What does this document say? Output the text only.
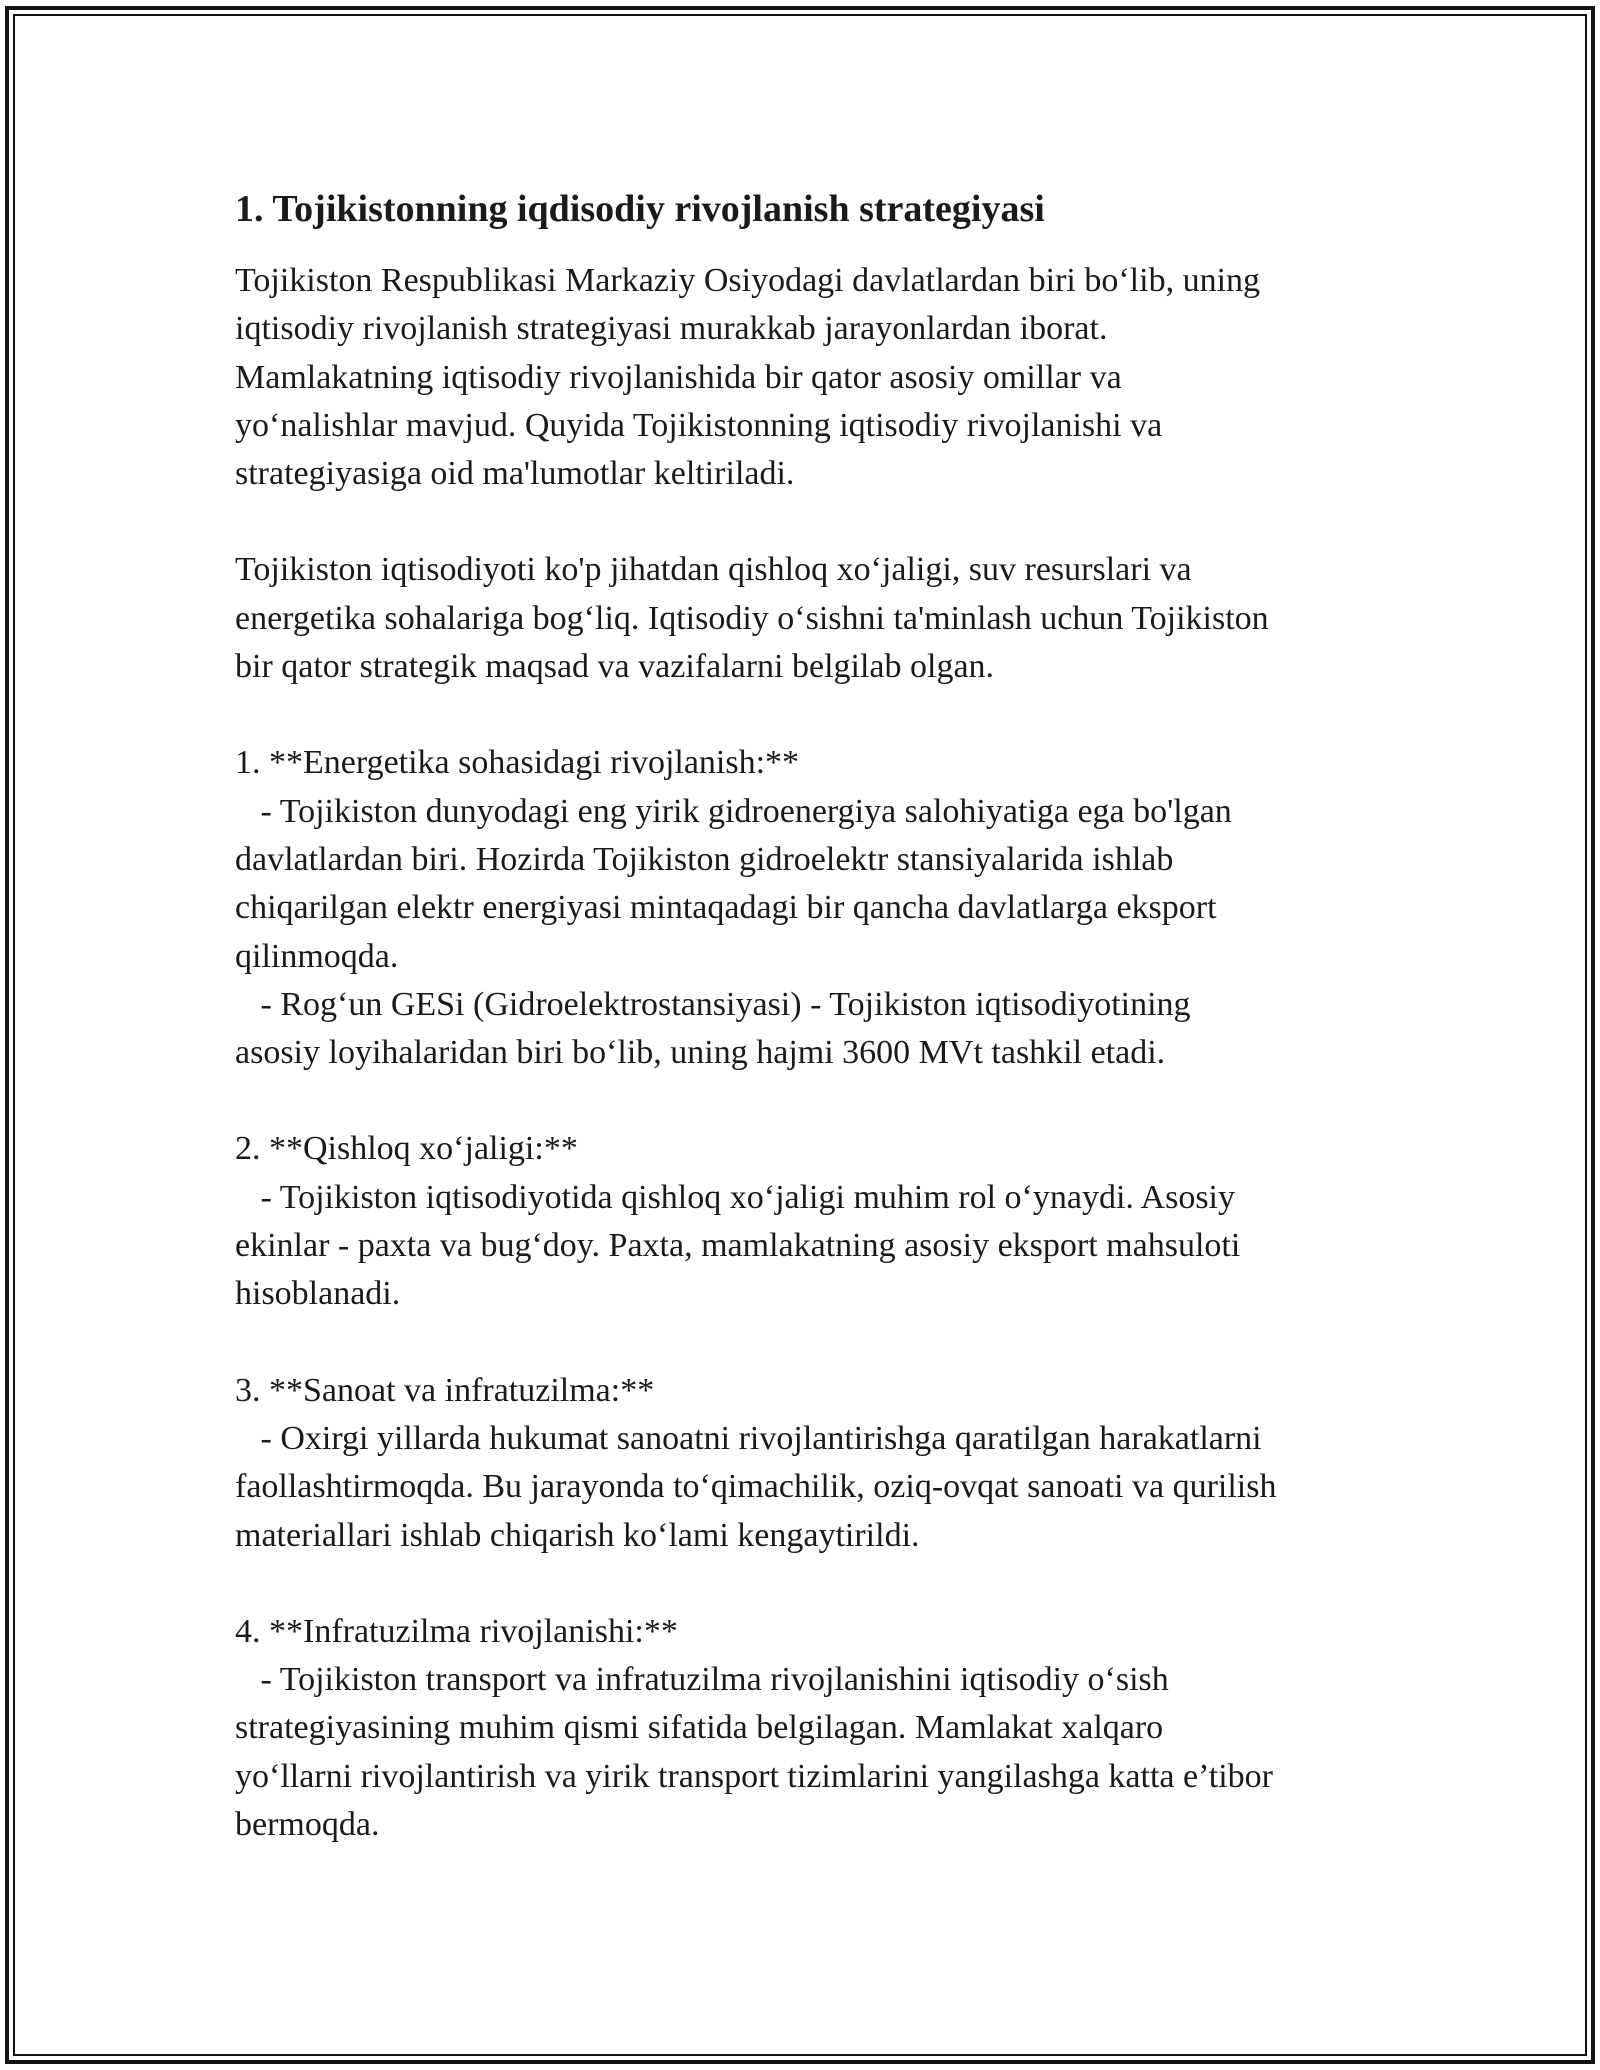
1. Tojikistonning iqdisodiy rivojlanish strategiyasi

Tojikiston Respublikasi Markaziy Osiyodagi davlatlardan biri bo‘lib, uning
iqtisodiy rivojlanish strategiyasi murakkab jarayonlardan iborat.
Mamlakatning iqtisodiy rivojlanishida bir qator asosiy omillar va
yo‘nalishlar mavjud. Quyida Tojikistonning iqtisodiy rivojlanishi va
strategiyasiga oid ma'lumotlar keltiriladi.

Tojikiston iqtisodiyoti ko'p jihatdan qishloq xo‘jaligi, suv resurslari va
energetika sohalariga bog‘liq. Iqtisodiy o‘sishni ta'minlash uchun Tojikiston
bir qator strategik maqsad va vazifalarni belgilab olgan.

1. **Energetika sohasidagi rivojlanish:**
- Tojikiston dunyodagi eng yirik gidroenergiya salohiyatiga ega bo'lgan
davlatlardan biri. Hozirda Tojikiston gidroelektr stansiyalarida ishlab
chiqarilgan elektr energiyasi mintaqadagi bir qancha davlatlarga eksport
qilinmoqda.
- Rog‘un GESi (Gidroelektrostansiyasi) - Tojikiston iqtisodiyotining
asosiy loyihalaridan biri bo‘lib, uning hajmi 3600 MVt tashkil etadi.

2. **Qishloq xo‘jaligi:**
- Tojikiston iqtisodiyotida qishloq xo‘jaligi muhim rol o‘ynaydi. Asosiy
ekinlar - paxta va bug‘doy. Paxta, mamlakatning asosiy eksport mahsuloti
hisoblanadi.

3. **Sanoat va infratuzilma:**
- Oxirgi yillarda hukumat sanoatni rivojlantirishga qaratilgan harakatlarni
faollashtirmoqda. Bu jarayonda to‘qimachilik, oziq-ovqat sanoati va qurilish
materiallari ishlab chiqarish ko‘lami kengaytirildi.

4. **Infratuzilma rivojlanishi:**
- Tojikiston transport va infratuzilma rivojlanishini iqtisodiy o‘sish
strategiyasining muhim qismi sifatida belgilagan. Mamlakat xalqaro
yo‘llarni rivojlantirish va yirik transport tizimlarini yangilashga katta e’tibor
bermoqda.
